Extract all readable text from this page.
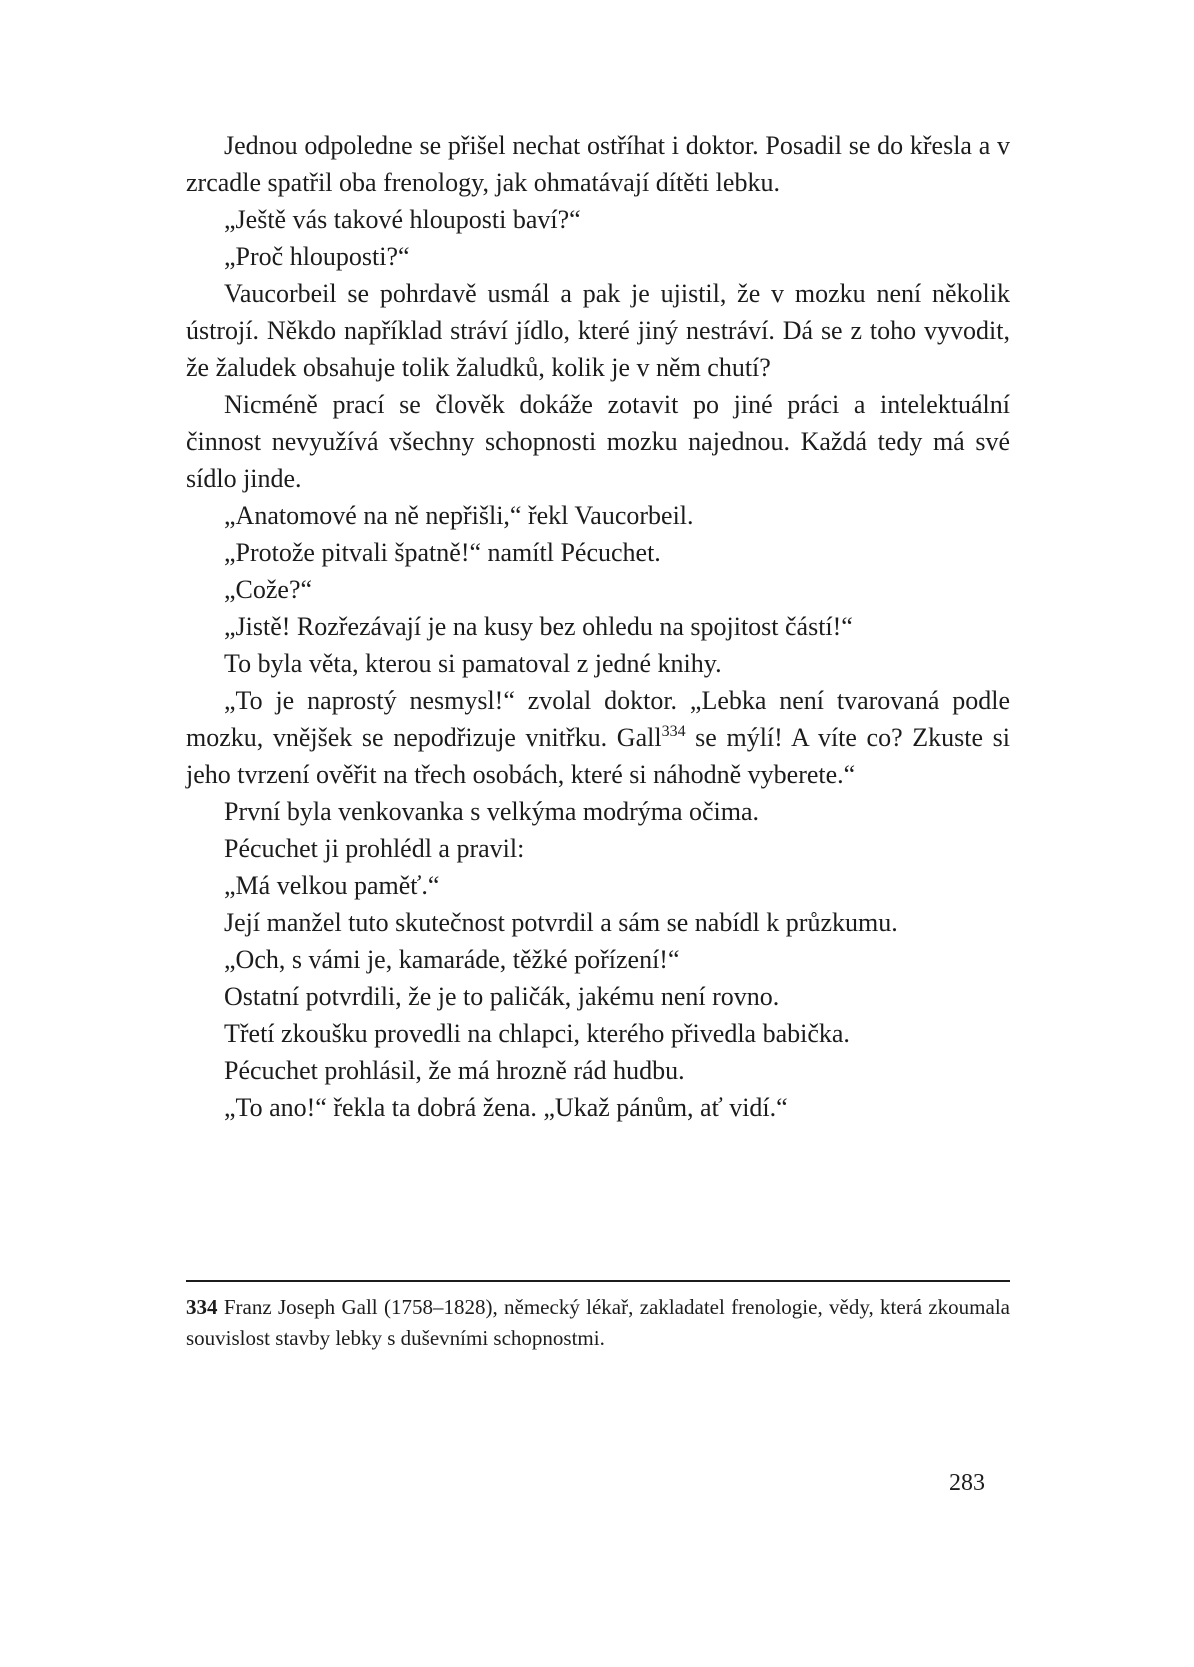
Jednou odpoledne se přišel nechat ostříhat i doktor. Posadil se do křesla a v zrcadle spatřil oba frenology, jak ohmatávají dítěti lebku.

„Ještě vás takové hlouposti baví?“

„Proč hlouposti?“

Vaucorbeil se pohrdavě usmál a pak je ujistil, že v mozku není několik ústrojí. Někdo například stráví jídlo, které jiný nestráví. Dá se z toho vyvodit, že žaludek obsahuje tolik žaludků, kolik je v něm chutí?

Nicméně prací se člověk dokáže zotavit po jiné práci a intelektuální činnost nevyužívá všechny schopnosti mozku najednou. Každá tedy má své sídlo jinde.

„Anatomové na ně nepřišli,“ řekl Vaucorbeil.

„Protože pitvali špatně!“ namítl Pécuchet.

„Cože?“

„Jistě! Rozřezávají je na kusy bez ohledu na spojitost částí!“

To byla věta, kterou si pamatoval z jedné knihy.

„To je naprostý nesmysl!“ zvolal doktor. „Lebka není tvarovaná podle mozku, vnějšek se nepodřizuje vnitřku. Gall$^{334}$ se mýlí! A víte co? Zkuste si jeho tvrzení ověřit na třech osobách, které si náhodně vyberete.“

První byla venkovanka s velkýma modrýma očima.

Pécuchet ji prohlédl a pravil:

„Má velkou paměť.“

Její manžel tuto skutečnost potvrdil a sám se nabídl k průzkumu.

„Och, s vámi je, kamaráde, těžké pořízení!“

Ostatní potvrdili, že je to paličák, jakému není rovno.

Třetí zkoušku provedli na chlapci, kterého přivedla babička.

Pécuchet prohlásil, že má hrozně rád hudbu.

„To ano!“ řekla ta dobrá žena. „Ukaž pánům, ať vidí.“

334 Franz Joseph Gall (1758–1828), německý lékař, zakladatel frenologie, vědy, která zkoumala souvislost stavby lebky s duševními schopnostmi.
283
